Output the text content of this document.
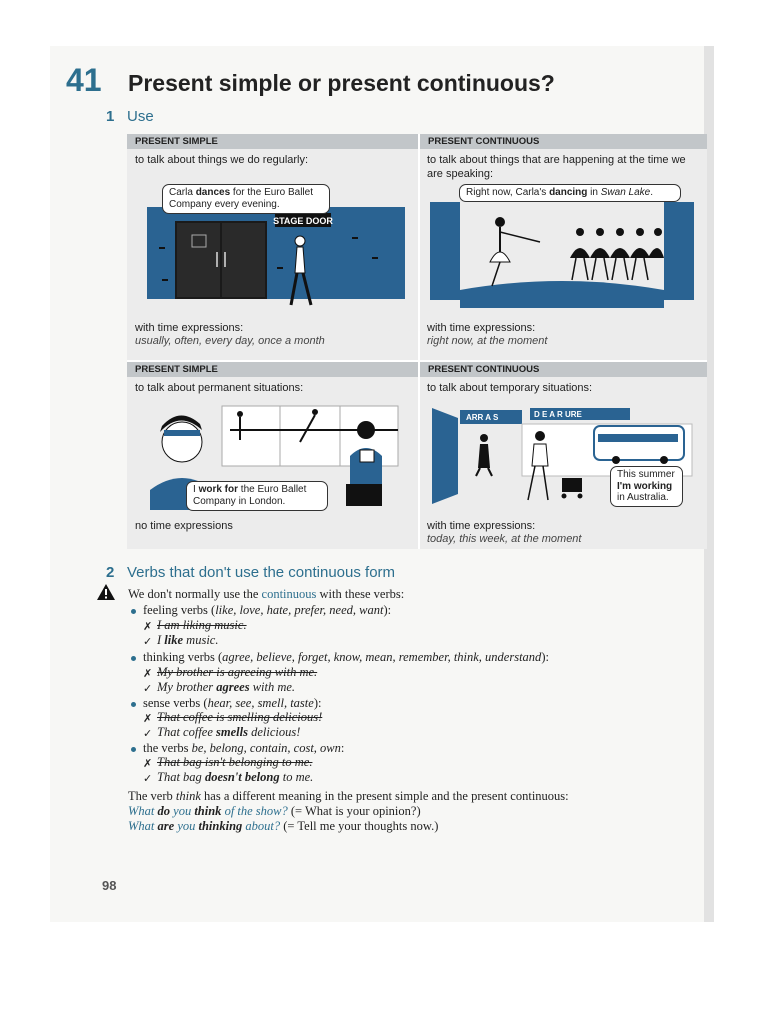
41 Present simple or present continuous?
1 Use
PRESENT SIMPLE
to talk about things we do regularly:
STAGE DOOR
Carla dances for the Euro Ballet Company every evening.
with time expressions:
usually, often, every day, once a month
PRESENT CONTINUOUS
to talk about things that are happening at the time we are speaking:
Right now, Carla's dancing in Swan Lake.
with time expressions:
right now, at the moment
PRESENT SIMPLE
to talk about permanent situations:
I work for the Euro Ballet Company in London.
no time expressions
PRESENT CONTINUOUS
to talk about temporary situations:
ARR A S	D E A R URE
This summer
I'm working
in Australia.
with time expressions:
today, this week, at the moment
2 Verbs that don't use the continuous form
We don't normally use the continuous with these verbs:
feeling verbs (like, love, hate, prefer, need, want):
✗ I am liking music.
✓ I like music.
thinking verbs (agree, believe, forget, know, mean, remember, think, understand):
✗ My brother is agreeing with me.
✓ My brother agrees with me.
sense verbs (hear, see, smell, taste):
✗ That coffee is smelling delicious!
✓ That coffee smells delicious!
the verbs be, belong, contain, cost, own:
✗ That bag isn't belonging to me.
✓ That bag doesn't belong to me.
The verb think has a different meaning in the present simple and the present continuous:
What do you think of the show? (= What is your opinion?)
What are you thinking about? (= Tell me your thoughts now.)
98
